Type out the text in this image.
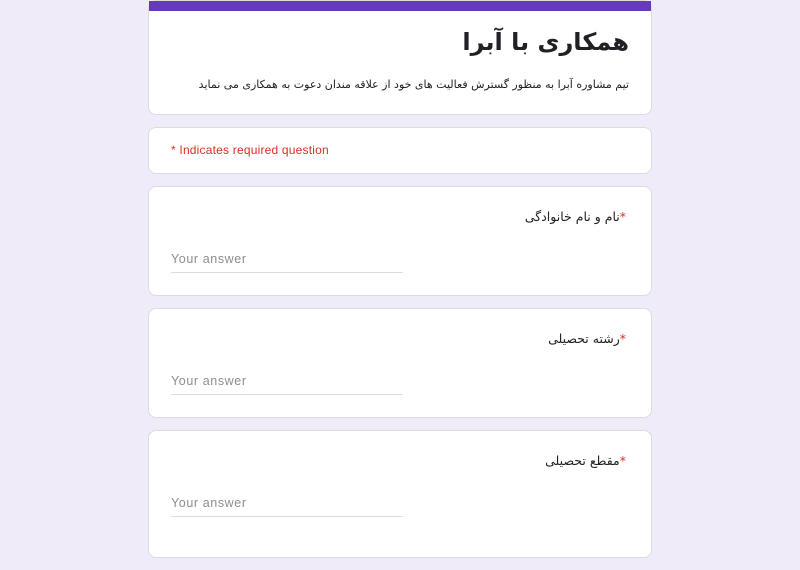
همکاری با آبرا
تیم مشاوره آبرا به منظور گسترش فعالیت های خود از علاقه مندان دعوت به همکاری می نماید
* Indicates required question
*نام و نام خانوادگی
Your answer
*رشته تحصیلی
Your answer
*مقطع تحصیلی
Your answer
